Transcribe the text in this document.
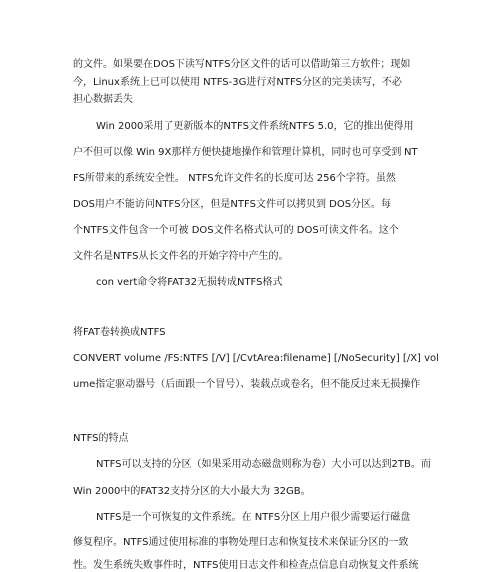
的文件。如果要在DOS下读写NTFS分区文件的话可以借助第三方软件；现如
今，Linux系统上已可以使用 NTFS-3G进行对NTFS分区的完美读写，不必
担心数据丢失
Win 2000采用了更新版本的NTFS文件系统NTFS 5.0，它的推出使得用
户不但可以像 Win 9X那样方便快捷地操作和管理计算机，同时也可享受到 NT
FS所带来的系统安全性。 NTFS允许文件名的长度可达 256个字符。虽然
DOS用户不能访问NTFS分区，但是NTFS文件可以拷贝到 DOS分区。每
个NTFS文件包含一个可被 DOS文件名格式认可的 DOS可读文件名。这个
文件名是NTFS从长文件名的开始字符中产生的。
con vert命令将FAT32无损转成NTFS格式
将FAT卷转换成NTFS
CONVERT volume /FS:NTFS [/V] [/CvtArea:filename] [/NoSecurity] [/X] vol
ume指定驱动器号（后面跟一个冒号）、装载点或卷名，但不能反过来无损操作
NTFS的特点
NTFS可以支持的分区（如果采用动态磁盘则称为卷）大小可以达到2TB。而
Win 2000中的FAT32支持分区的大小最大为 32GB。
NTFS是一个可恢复的文件系统。在 NTFS分区上用户很少需要运行磁盘
修复程序。NTFS通过使用标准的事物处理日志和恢复技术来保证分区的一致
性。发生系统失败事件时，NTFS使用日志文件和检查点信息自动恢复文件系统
